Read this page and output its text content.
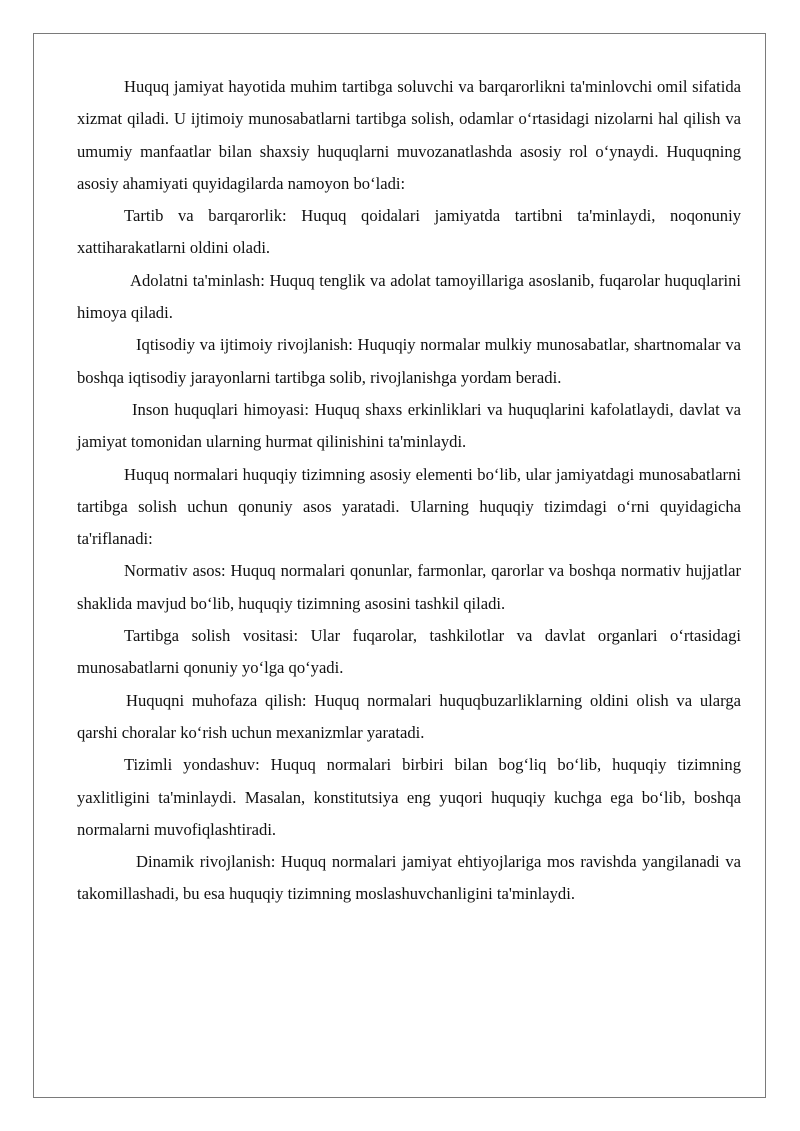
Huquq jamiyat hayotida muhim tartibga soluvchi va barqarorlikni ta'minlovchi omil sifatida xizmat qiladi. U ijtimoiy munosabatlarni tartibga solish, odamlar o‘rtasidagi nizolarni hal qilish va umumiy manfaatlar bilan shaxsiy huquqlarni muvozanatlashda asosiy rol o‘ynaydi. Huquqning asosiy ahamiyati quyidagilarda namoyon bo‘ladi:

Tartib va barqarorlik: Huquq qoidalari jamiyatda tartibni ta'minlaydi, noqonuniy xattiharakatlarni oldini oladi.

Adolatni ta'minlash: Huquq tenglik va adolat tamoyillariga asoslanib, fuqarolar huquqlarini himoya qiladi.

Iqtisodiy va ijtimoiy rivojlanish: Huquqiy normalar mulkiy munosabatlar, shartnomalar va boshqa iqtisodiy jarayonlarni tartibga solib, rivojlanishga yordam beradi.

Inson huquqlari himoyasi: Huquq shaxs erkinliklari va huquqlarini kafolatlaydi, davlat va jamiyat tomonidan ularning hurmat qilinishini ta'minlaydi.

Huquq normalari huquqiy tizimning asosiy elementi bo‘lib, ular jamiyatdagi munosabatlarni tartibga solish uchun qonuniy asos yaratadi. Ularning huquqiy tizimdagi o‘rni quyidagicha ta'riflanadi:

Normativ asos: Huquq normalari qonunlar, farmonlar, qarorlar va boshqa normativ hujjatlar shaklida mavjud bo‘lib, huquqiy tizimning asosini tashkil qiladi.

Tartibga solish vositasi: Ular fuqarolar, tashkilotlar va davlat organlari o‘rtasidagi munosabatlarni qonuniy yo‘lga qo‘yadi.

Huquqni muhofaza qilish: Huquq normalari huquqbuzarliklarning oldini olish va ularga qarshi choralar ko‘rish uchun mexanizmlar yaratadi.

Tizimli yondashuv: Huquq normalari birbiri bilan bog‘liq bo‘lib, huquqiy tizimning yaxlitligini ta'minlaydi. Masalan, konstitutsiya eng yuqori huquqiy kuchga ega bo‘lib, boshqa normalarni muvofiqlashtiradi.

Dinamik rivojlanish: Huquq normalari jamiyat ehtiyojlariga mos ravishda yangilanadi va takomillashadi, bu esa huquqiy tizimning moslashuvchanligini ta'minlaydi.
